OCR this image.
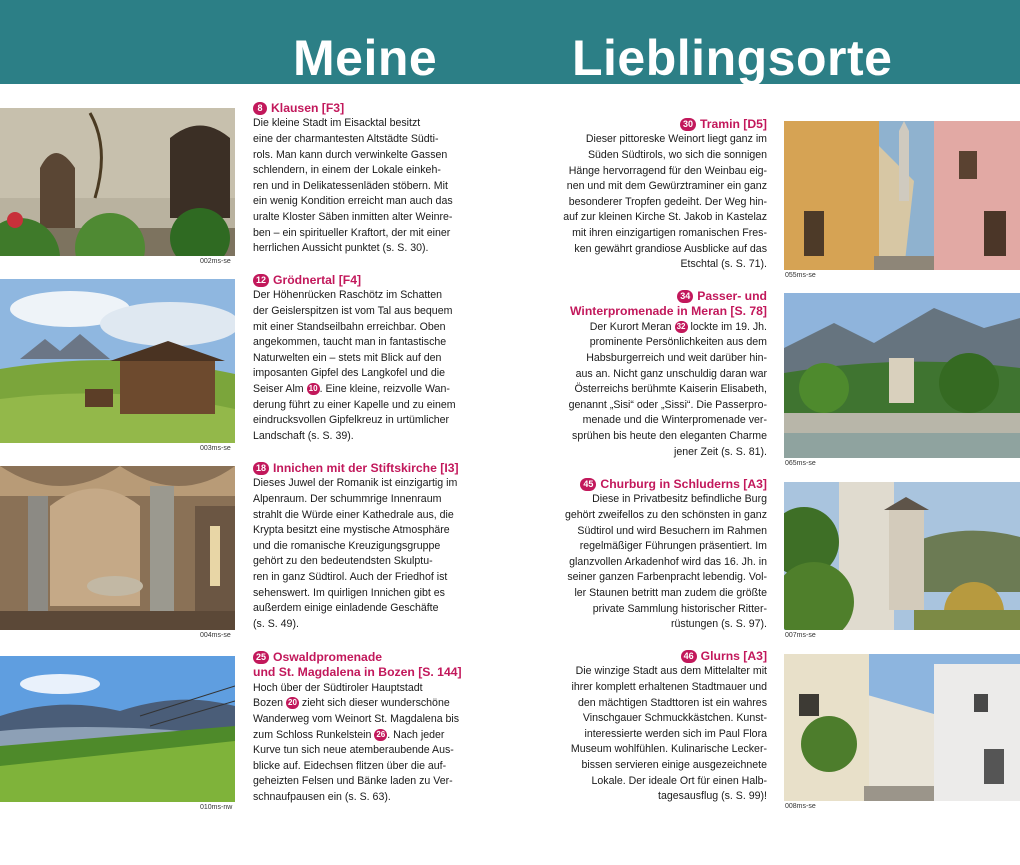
Meine	Lieblingsorte
002ms-se
003ms-se
004ms-se
010ms-nw
055ms-se
065ms-se
007ms-se
008ms-se
8 Klausen [F3]
Die kleine Stadt im Eisacktal besitzt
eine der charmantesten Altstädte Südti-
rols. Man kann durch verwinkelte Gassen
schlendern, in einem der Lokale einkeh-
ren und in Delikatessenläden stöbern. Mit
ein wenig Kondition erreicht man auch das
uralte Kloster Säben inmitten alter Weinre-
ben – ein spiritueller Kraftort, der mit einer
herrlichen Aussicht punktet (s. S. 30).
12 Grödnertal [F4]
Der Höhenrücken Raschötz im Schatten
der Geislerspitzen ist vom Tal aus bequem
mit einer Standseilbahn erreichbar. Oben
angekommen, taucht man in fantastische
Naturwelten ein – stets mit Blick auf den
imposanten Gipfel des Langkofel und die
Seiser Alm 10 . Eine kleine, reizvolle Wan-
derung führt zu einer Kapelle und zu einem
eindrucksvollen Gipfelkreuz in urtümlicher
Landschaft (s. S. 39).
18 Innichen mit der Stiftskirche [I3]
Dieses Juwel der Romanik ist einzigartig im
Alpenraum. Der schummrige Innenraum
strahlt die Würde einer Kathedrale aus, die
Krypta besitzt eine mystische Atmosphäre
und die romanische Kreuzigungsgruppe
gehört zu den bedeutendsten Skulptu-
ren in ganz Südtirol. Auch der Friedhof ist
sehenswert. Im quirligen Innichen gibt es
außerdem einige einladende Geschäfte
(s. S. 49).
25 Oswaldpromenade
und St. Magdalena in Bozen [S. 144]
Hoch über der Südtiroler Hauptstadt
Bozen 20 zieht sich dieser wunderschöne
Wanderweg vom Weinort St. Magdalena bis
zum Schloss Runkelstein 26 . Nach jeder
Kurve tun sich neue atemberaubende Aus-
blicke auf. Eidechsen flitzen über die auf-
geheizten Felsen und Bänke laden zu Ver-
schnaufpausen ein (s. S. 63).
30 Tramin [D5]
Dieser pittoreske Weinort liegt ganz im
Süden Südtirols, wo sich die sonnigen
Hänge hervorragend für den Weinbau eig-
nen und mit dem Gewürztraminer ein ganz
besonderer Tropfen gedeiht. Der Weg hin-
auf zur kleinen Kirche St. Jakob in Kastelaz
mit ihren einzigartigen romanischen Fres-
ken gewährt grandiose Ausblicke auf das
Etschtal (s. S. 71).
34 Passer- und
Winterpromenade in Meran [S. 78]
Der Kurort Meran 32 lockte im 19. Jh.
prominente Persönlichkeiten aus dem
Habsburgerreich und weit darüber hin-
aus an. Nicht ganz unschuldig daran war
Österreichs berühmte Kaiserin Elisabeth,
genannt „Sisi“ oder „Sissi“. Die Passerpro-
menade und die Winterpromenade ver-
sprühen bis heute den eleganten Charme
jener Zeit (s. S. 81).
45 Churburg in Schluderns [A3]
Diese in Privatbesitz befindliche Burg
gehört zweifellos zu den schönsten in ganz
Südtirol und wird Besuchern im Rahmen
regelmäßiger Führungen präsentiert. Im
glanzvollen Arkadenhof wird das 16. Jh. in
seiner ganzen Farbenpracht lebendig. Vol-
ler Staunen betritt man zudem die größte
private Sammlung historischer Ritter-
rüstungen (s. S. 97).
46 Glurns [A3]
Die winzige Stadt aus dem Mittelalter mit
ihrer komplett erhaltenen Stadtmauer und
den mächtigen Stadttoren ist ein wahres
Vinschgauer Schmuckkästchen. Kunst-
interessierte werden sich im Paul Flora
Museum wohlfühlen. Kulinarische Lecker-
bissen servieren einige ausgezeichnete
Lokale. Der ideale Ort für einen Halb-
tagesausflug (s. S. 99)!
